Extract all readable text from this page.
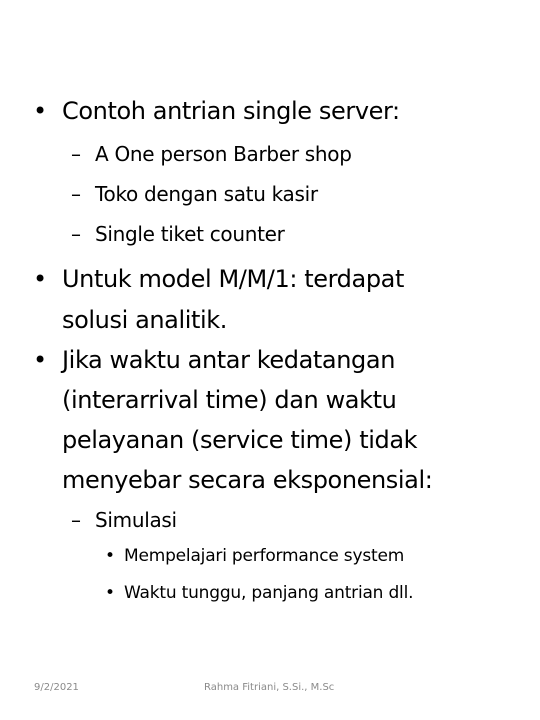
• Contoh antrian single server:
– A One person Barber shop
– Toko dengan satu kasir
– Single tiket counter
• Untuk model M/M/1: terdapat
solusi analitik.
• Jika waktu antar kedatangan
(interarrival time) dan waktu
pelayanan (service time) tidak
menyebar secara eksponensial:
– Simulasi
• Mempelajari performance system
• Waktu tunggu, panjang antrian dll.
9/2/2021	Rahma Fitriani, S.Si., M.Sc
